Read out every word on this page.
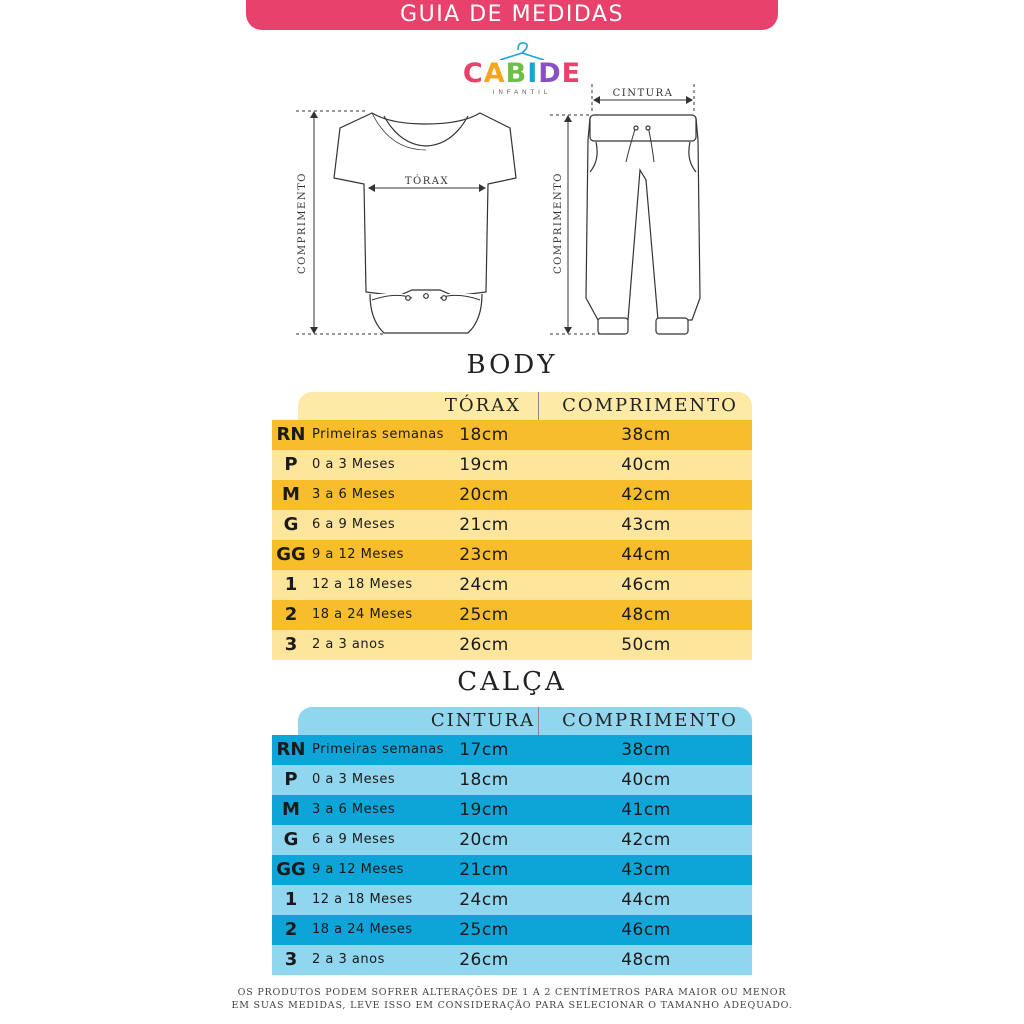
GUIA DE MEDIDAS
CABIDE
INFANTIL
COMPRIMENTO	TÓRAX
CINTURA
COMPRIMENTO
BODY
TÓRAX	COMPRIMENTO
RN Primeiras semanas 18cm	38cm
P	0 a 3 Meses	19cm	40cm
M 3 a 6 Meses	20cm	42cm
G	6 a 9 Meses	21cm	43cm
GG 9 a 12 Meses	23cm	44cm
1	12 a 18 Meses	24cm	46cm
2	18 a 24 Meses	25cm	48cm
3	2 a 3 anos	26cm	50cm
CALÇA
CINTURA	COMPRIMENTO
RN Primeiras semanas 17cm	38cm
P	0 a 3 Meses	18cm	40cm
M 3 a 6 Meses	19cm	41cm
G	6 a 9 Meses	20cm	42cm
GG 9 a 12 Meses	21cm	43cm
1	12 a 18 Meses	24cm	44cm
2	18 a 24 Meses	25cm	46cm
3	2 a 3 anos	26cm	48cm
OS PRODUTOS PODEM SOFRER ALTERAÇÕES DE 1 A 2 CENTÍMETROS PARA MAIOR OU MENOR
EM SUAS MEDIDAS, LEVE ISSO EM CONSIDERAÇÃO PARA SELECIONAR O TAMANHO ADEQUADO.
